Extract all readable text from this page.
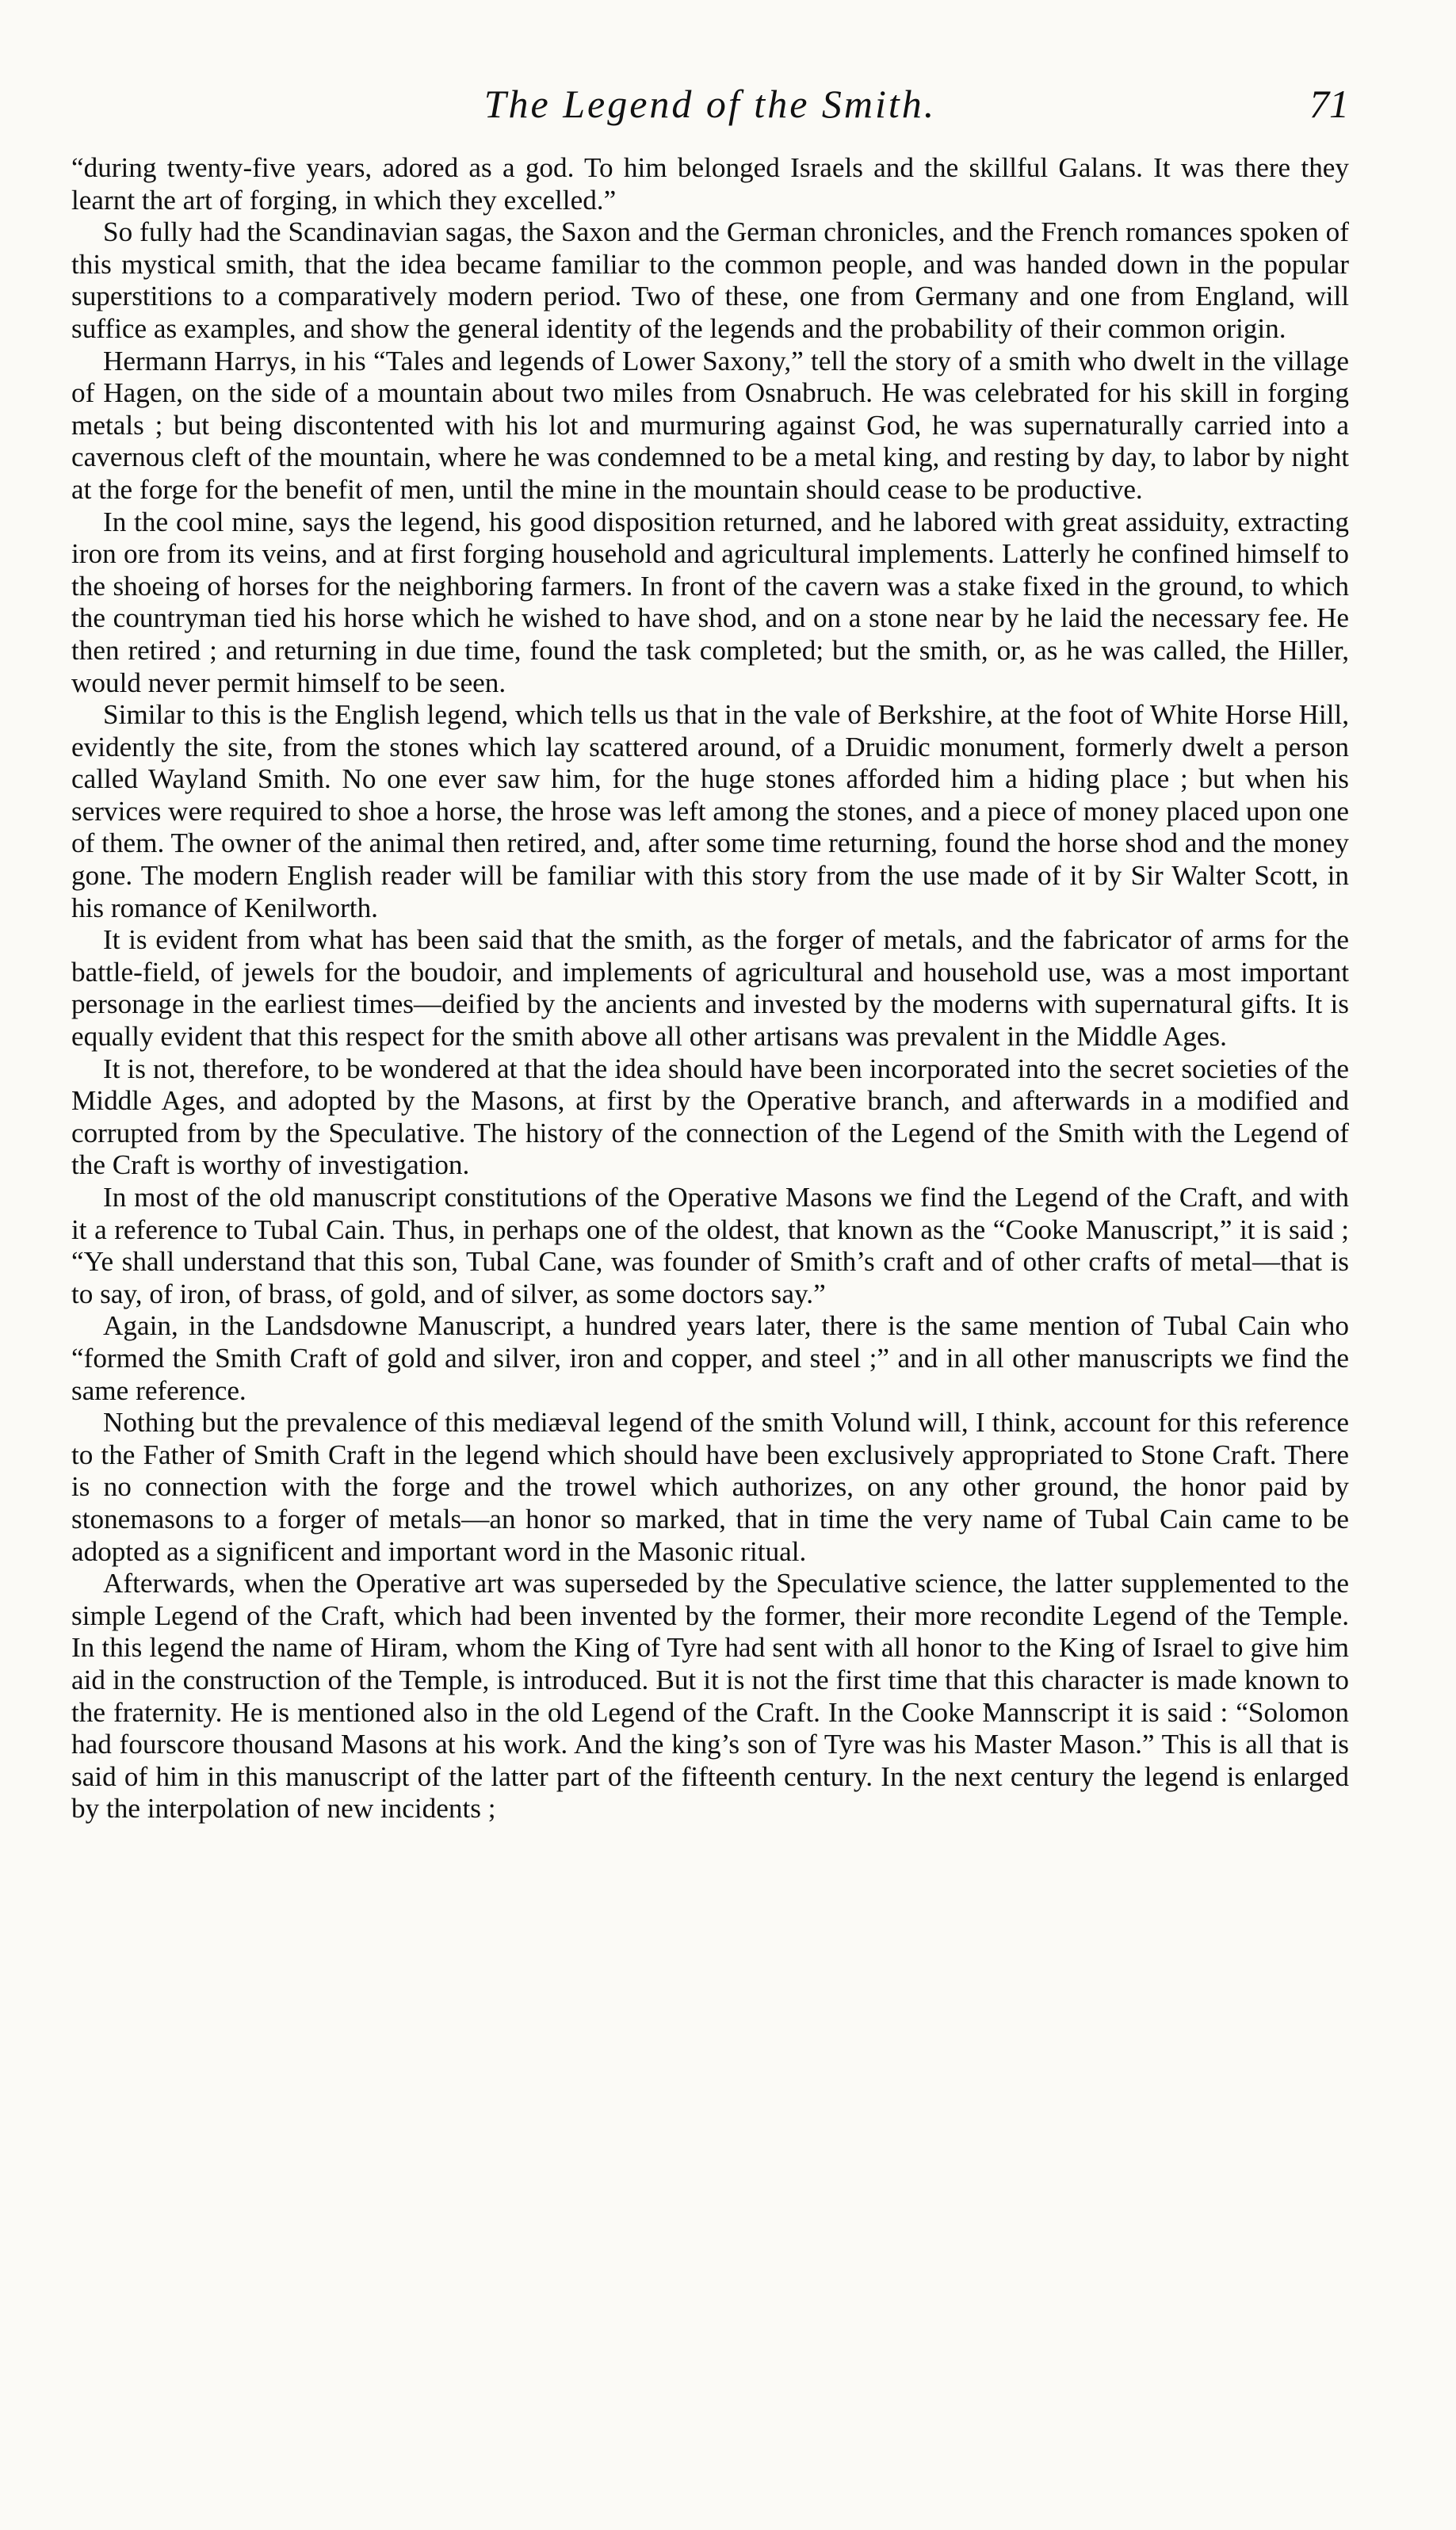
The Legend of the Smith.	71

“during twenty-five years, adored as a god. To him belonged Israels and the skillful Galans. It was there they learnt the art of forging, in which they excelled.”

So fully had the Scandinavian sagas, the Saxon and the German chronicles, and the French romances spoken of this mystical smith, that the idea became familiar to the common people, and was handed down in the popular superstitions to a comparatively modern period. Two of these, one from Germany and one from England, will suffice as examples, and show the general identity of the legends and the probability of their common origin.

Hermann Harrys, in his “Tales and legends of Lower Saxony,” tell the story of a smith who dwelt in the village of Hagen, on the side of a mountain about two miles from Osnabruch. He was celebrated for his skill in forging metals ; but being discontented with his lot and murmuring against God, he was supernaturally carried into a cavernous cleft of the mountain, where he was condemned to be a metal king, and resting by day, to labor by night at the forge for the benefit of men, until the mine in the mountain should cease to be productive.

In the cool mine, says the legend, his good disposition returned, and he labored with great assiduity, extracting iron ore from its veins, and at first forging household and agricultural implements. Latterly he confined himself to the shoeing of horses for the neighboring farmers. In front of the cavern was a stake fixed in the ground, to which the countryman tied his horse which he wished to have shod, and on a stone near by he laid the necessary fee. He then retired ; and returning in due time, found the task completed; but the smith, or, as he was called, the Hiller, would never permit himself to be seen.

Similar to this is the English legend, which tells us that in the vale of Berkshire, at the foot of White Horse Hill, evidently the site, from the stones which lay scattered around, of a Druidic monument, formerly dwelt a person called Wayland Smith. No one ever saw him, for the huge stones afforded him a hiding place ; but when his services were required to shoe a horse, the hrose was left among the stones, and a piece of money placed upon one of them. The owner of the animal then retired, and, after some time returning, found the horse shod and the money gone. The modern English reader will be familiar with this story from the use made of it by Sir Walter Scott, in his romance of Kenilworth.

It is evident from what has been said that the smith, as the forger of metals, and the fabricator of arms for the battle-field, of jewels for the boudoir, and implements of agricultural and household use, was a most important personage in the earliest times—deified by the ancients and invested by the moderns with supernatural gifts. It is equally evident that this respect for the smith above all other artisans was prevalent in the Middle Ages.

It is not, therefore, to be wondered at that the idea should have been incorporated into the secret societies of the Middle Ages, and adopted by the Masons, at first by the Operative branch, and afterwards in a modified and corrupted from by the Speculative. The history of the connection of the Legend of the Smith with the Legend of the Craft is worthy of investigation.

In most of the old manuscript constitutions of the Operative Masons we find the Legend of the Craft, and with it a reference to Tubal Cain. Thus, in perhaps one of the oldest, that known as the “Cooke Manuscript,” it is said ; “Ye shall understand that this son, Tubal Cane, was founder of Smith’s craft and of other crafts of metal—that is to say, of iron, of brass, of gold, and of silver, as some doctors say.”

Again, in the Landsdowne Manuscript, a hundred years later, there is the same mention of Tubal Cain who “formed the Smith Craft of gold and silver, iron and copper, and steel ;” and in all other manuscripts we find the same reference.

Nothing but the prevalence of this mediæval legend of the smith Volund will, I think, account for this reference to the Father of Smith Craft in the legend which should have been exclusively appropriated to Stone Craft. There is no connection with the forge and the trowel which authorizes, on any other ground, the honor paid by stonemasons to a forger of metals—an honor so marked, that in time the very name of Tubal Cain came to be adopted as a significent and important word in the Masonic ritual.

Afterwards, when the Operative art was superseded by the Speculative science, the latter supplemented to the simple Legend of the Craft, which had been invented by the former, their more recondite Legend of the Temple. In this legend the name of Hiram, whom the King of Tyre had sent with all honor to the King of Israel to give him aid in the construction of the Temple, is introduced. But it is not the first time that this character is made known to the fraternity. He is mentioned also in the old Legend of the Craft. In the Cooke Mannscript it is said : “Solomon had fourscore thousand Masons at his work. And the king’s son of Tyre was his Master Mason.” This is all that is said of him in this manuscript of the latter part of the fifteenth century. In the next century the legend is enlarged by the interpolation of new incidents ;
